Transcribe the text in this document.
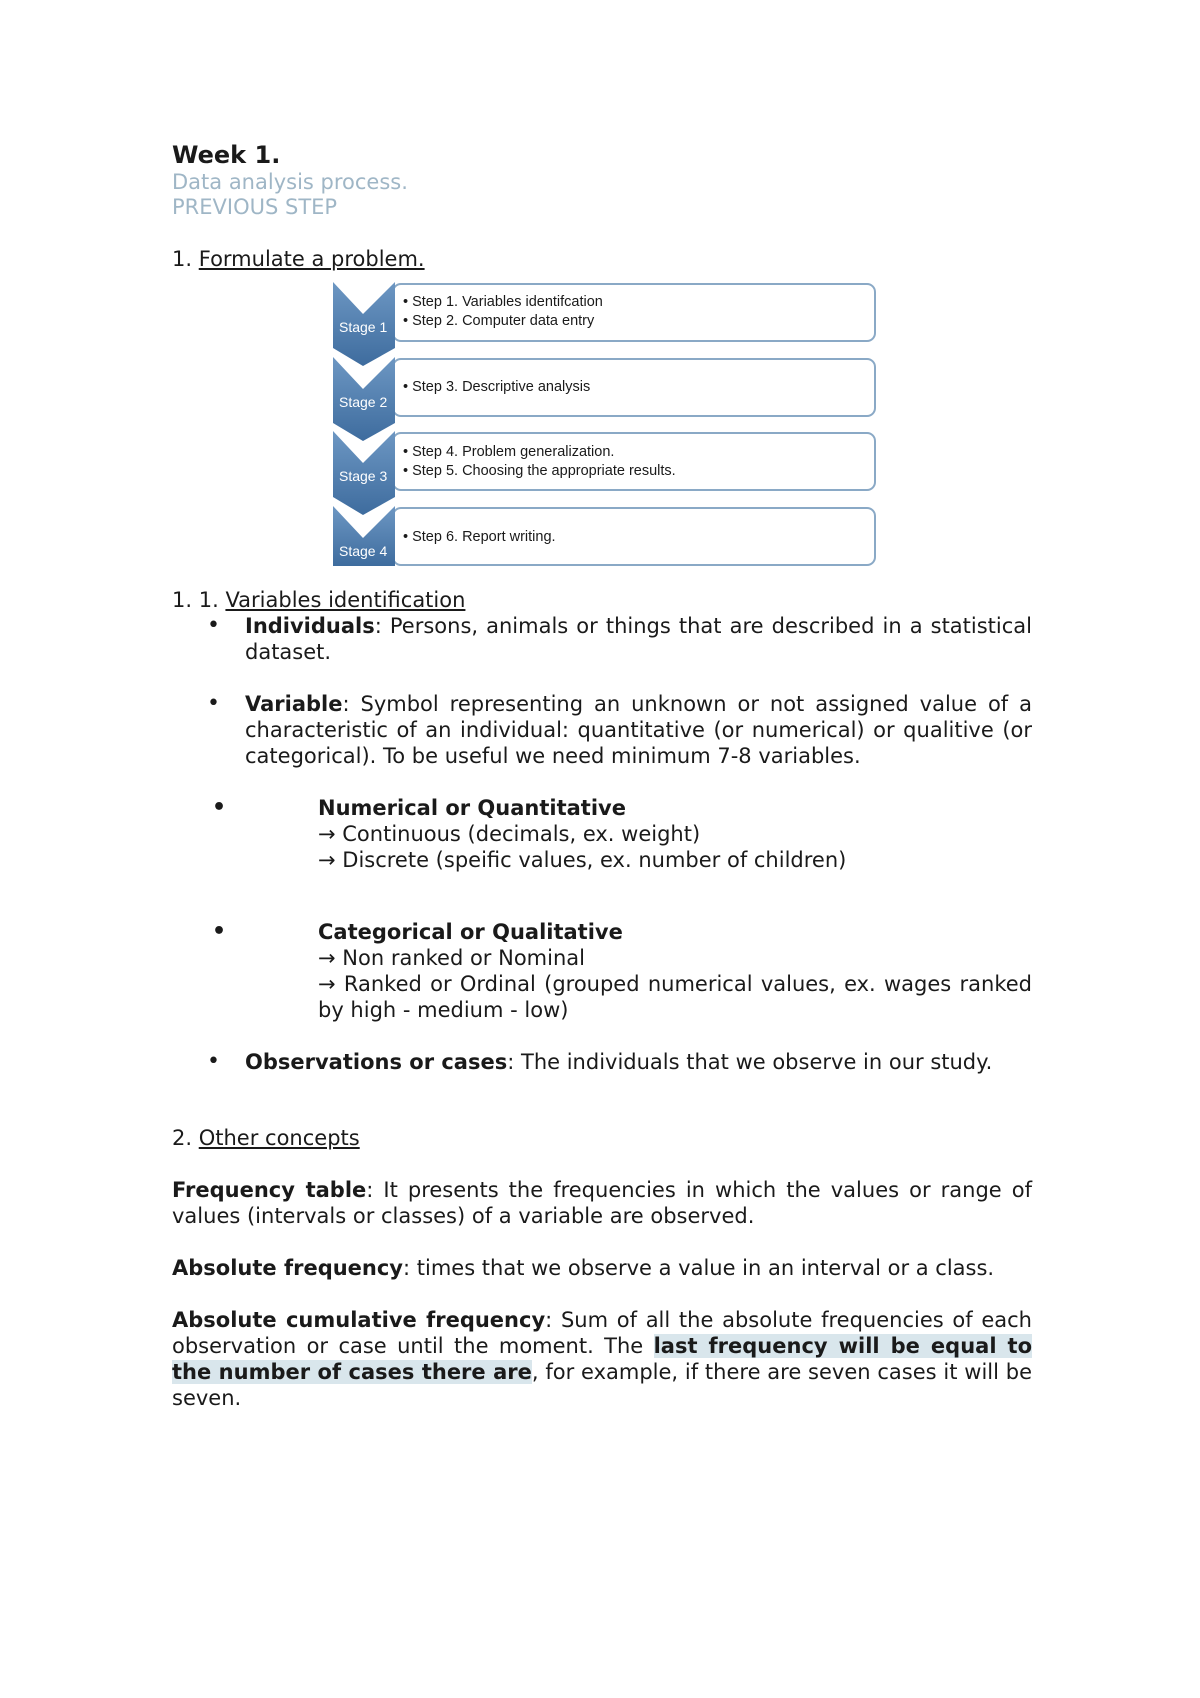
Week 1.
Data analysis process.
PREVIOUS STEP
1. Formulate a problem.
Stage 1
• Step 1. Variables identifcation
• Step 2. Computer data entry
Stage 2
• Step 3. Descriptive analysis
Stage 3
• Step 4. Problem generalization.
• Step 5. Choosing the appropriate results.
Stage 4
• Step 6. Report writing.
1. 1. Variables identification
• Individuals: Persons, animals or things that are described in a statistical dataset.
• Variable: Symbol representing an unknown or not assigned value of a characteristic of an individual: quantitative (or numerical) or qualitive (or categorical). To be useful we need minimum 7-8 variables.
• Numerical or Quantitative
→ Continuous (decimals, ex. weight)
→ Discrete (speific values, ex. number of children)
• Categorical or Qualitative
→ Non ranked or Nominal
→ Ranked or Ordinal (grouped numerical values, ex. wages ranked by high - medium - low)
• Observations or cases: The individuals that we observe in our study.
2. Other concepts
Frequency table: It presents the frequencies in which the values or range of values (intervals or classes) of a variable are observed.
Absolute frequency: times that we observe a value in an interval or a class.
Absolute cumulative frequency: Sum of all the absolute frequencies of each observation or case until the moment. The last frequency will be equal to the number of cases there are, for example, if there are seven cases it will be seven.
